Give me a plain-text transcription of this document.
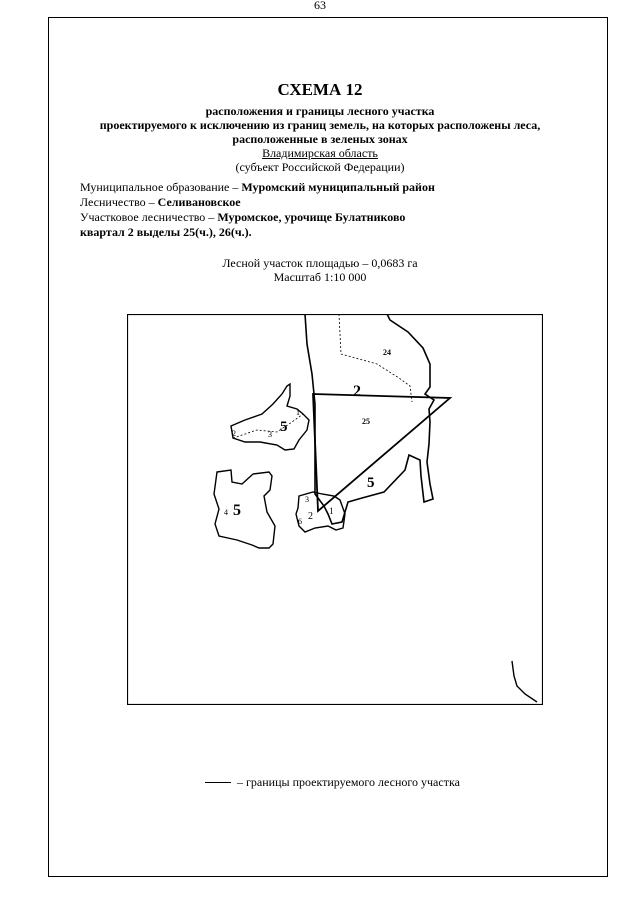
63
СХЕМА 12
расположения и границы лесного участка
проектируемого к исключению из границ земель, на которых расположены леса,
расположенные в зеленых зонах
Владимирская область
(субъект Российской Федерации)
Муниципальное образование – Муромский муниципальный район
Лесничество – Селивановское
Участковое лесничество – Муромское, урочище Булатниково
квартал 2 выделы 25(ч.), 26(ч.).
Лесной участок площадью – 0,0683 га
Масштаб 1:10 000
24
2
25
5
1
5
2	3
4 5
3
1
2
6
– границы проектируемого лесного участка
